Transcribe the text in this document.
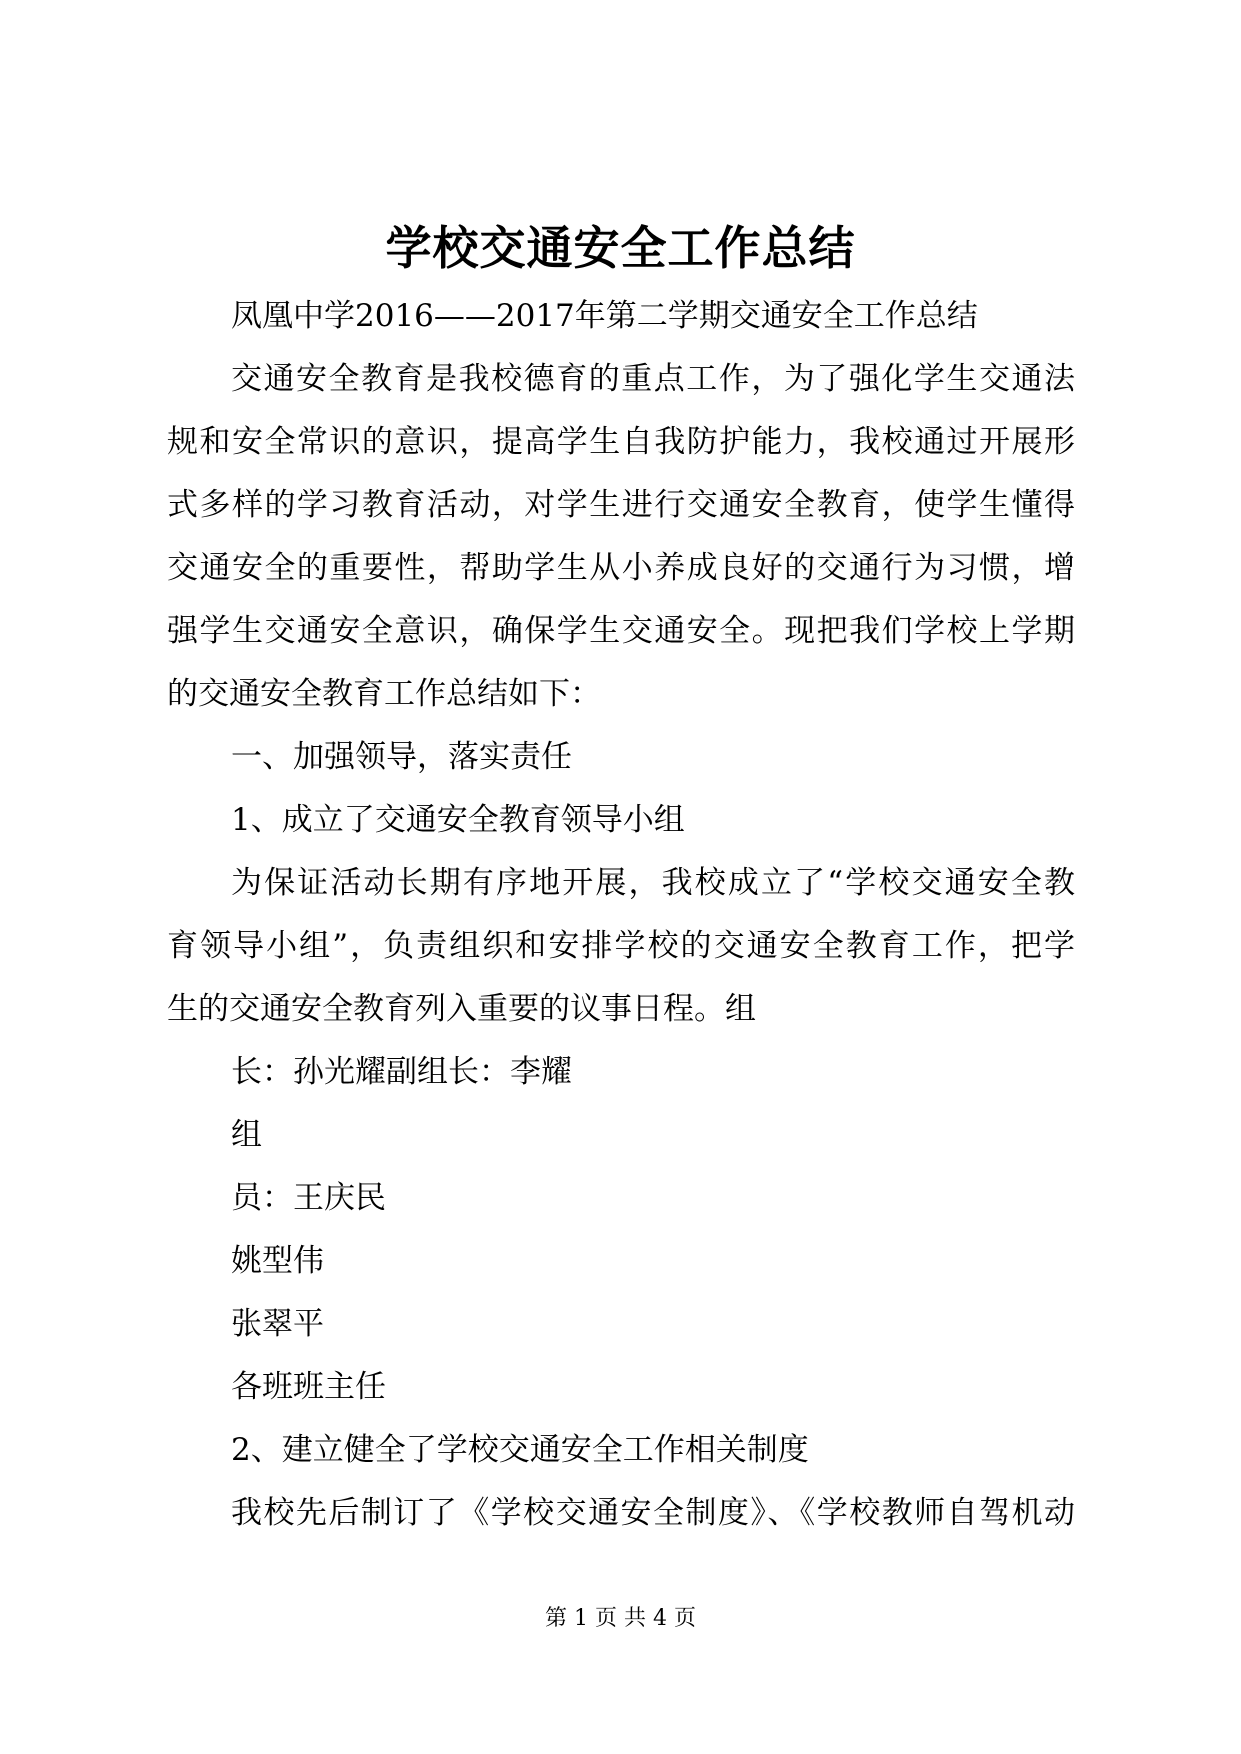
学校交通安全工作总结
凤凰中学2016——2017年第二学期交通安全工作总结
交通安全教育是我校德育的重点工作，为了强化学生交通法
规和安全常识的意识，提高学生自我防护能力，我校通过开展形
式多样的学习教育活动，对学生进行交通安全教育，使学生懂得
交通安全的重要性，帮助学生从小养成良好的交通行为习惯，增
强学生交通安全意识，确保学生交通安全。现把我们学校上学期
的交通安全教育工作总结如下：
一、加强领导，落实责任
1、成立了交通安全教育领导小组
为保证活动长期有序地开展，我校成立了“学校交通安全教
育领导小组”，负责组织和安排学校的交通安全教育工作，把学
生的交通安全教育列入重要的议事日程。组
长：孙光耀副组长：李耀
组
员：王庆民
姚型伟
张翠平
各班班主任
2、建立健全了学校交通安全工作相关制度
我校先后制订了《学校交通安全制度》、《学校教师自驾机动
第 1 页 共 4 页
